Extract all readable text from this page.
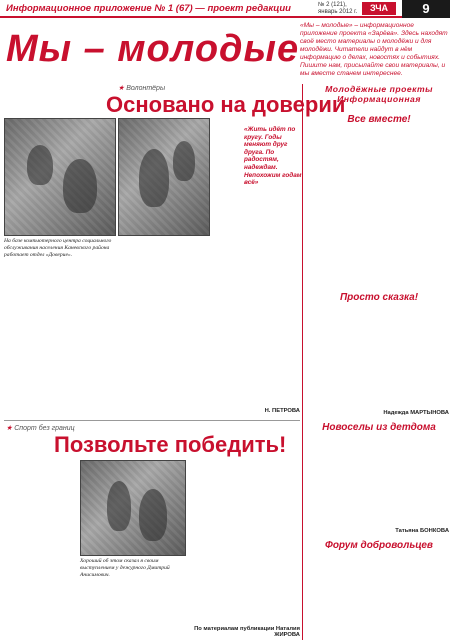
Информационное приложение № 1 (67) — проект редакции	№ 2 (121), январь 2012 г.	ЗЧА	9
Мы – молодые
«Мы – молодые» – информационное приложение проекта «Зарёва». Здесь находят своё место материалы о молодёжи и для молодёжи. Читатели найдут в нём информацию о делах, новостях и событиях. Пишите нам, присылайте свои материалы, и мы вместе станем интереснее.
★ Волонтёры
Основано на доверии

«Жить идёт по кругу. Годы меняют друг друга. По радостям, надеждам. Непохожим годам всё»
На базе компьютерного центра социального обслуживания населения Каневского района работает отдел «Доверие».

Н. ПЕТРОВА
★ Спорт без границ
Позвольте победить!

Хороший об этом сказал я своим выступлением у дежурного Дмитрий Анисимович.

По материалам публикации Наталия ЖИРОВА
Молодёжные проекты Информационная
Все вместе!

Просто сказка!

Надежда МАРТЫНОВА
Новоселы из детдома

Татьяна БОНКОВА
Форум добровольцев
